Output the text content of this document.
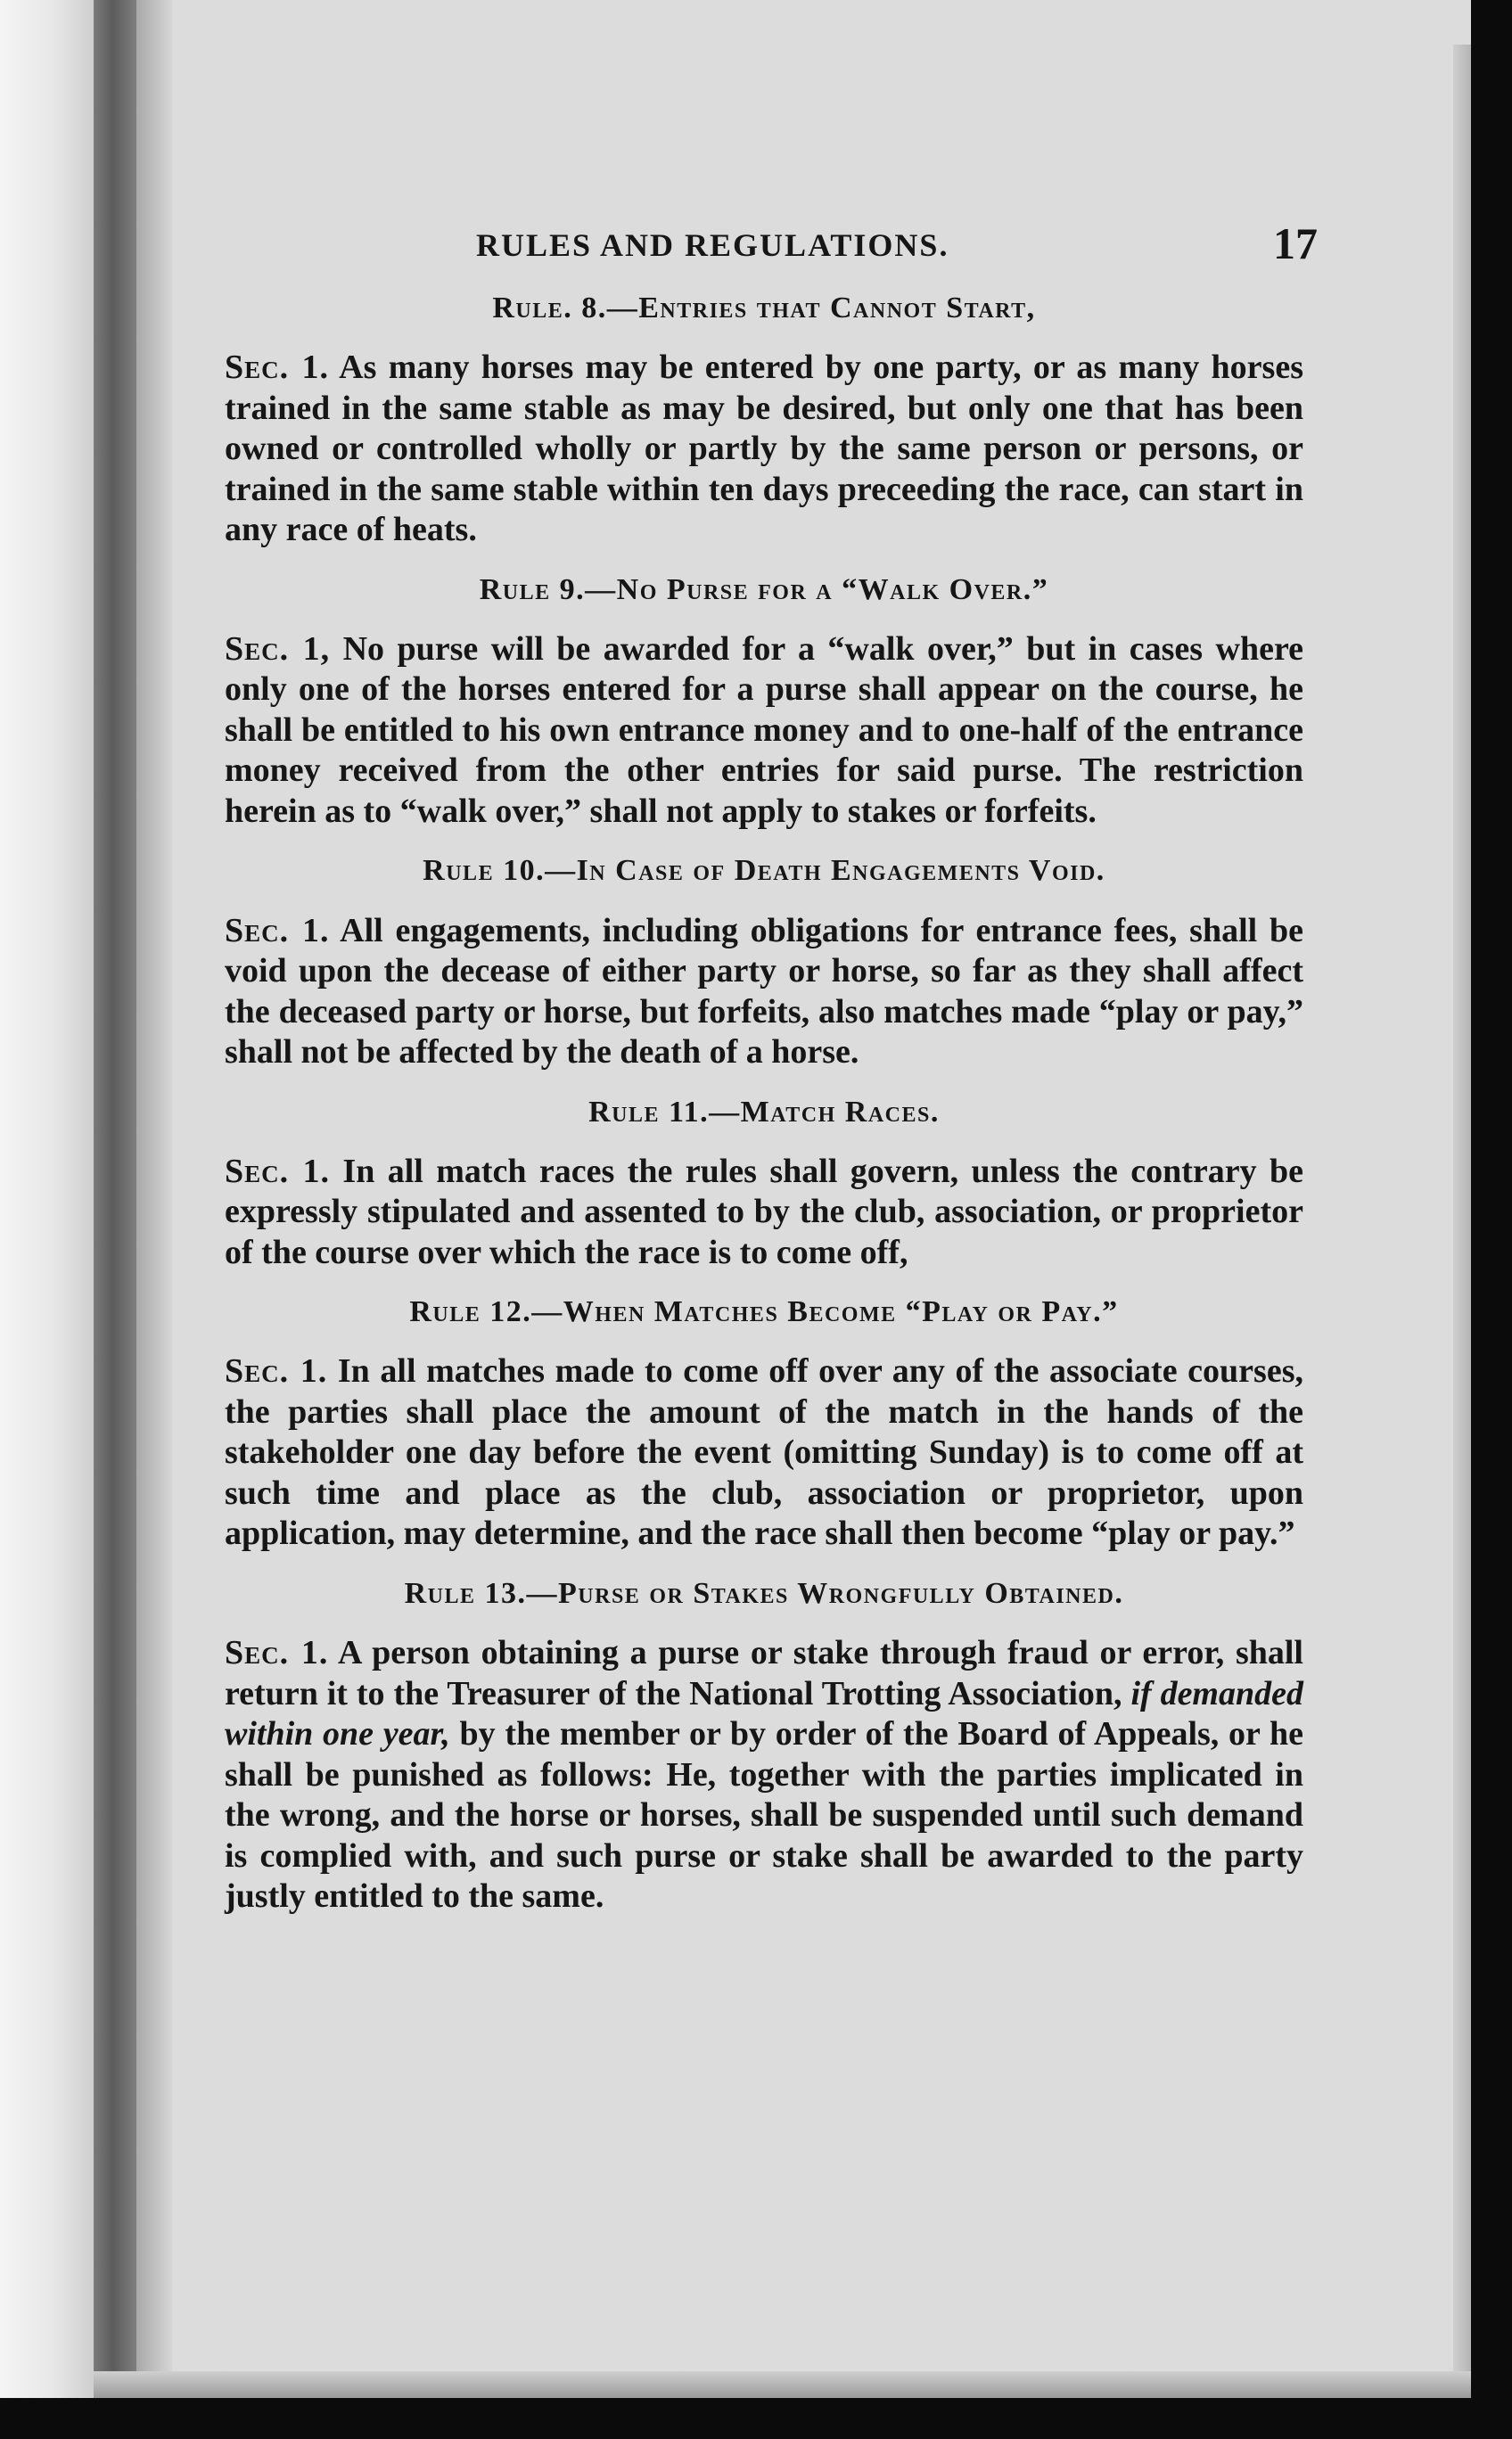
RULES AND REGULATIONS.	17
Rule. 8.—Entries that Cannot Start,
Sec. 1. As many horses may be entered by one party, or as many horses trained in the same stable as may be desired, but only one that has been owned or controlled wholly or partly by the same person or persons, or trained in the same stable within ten days preceeding the race, can start in any race of heats.
Rule 9.—No Purse for a “Walk Over.”
Sec. 1, No purse will be awarded for a “walk over,” but in cases where only one of the horses entered for a purse shall appear on the course, he shall be entitled to his own entrance money and to one-half of the entrance money received from the other entries for said purse. The restriction herein as to “walk over,” shall not apply to stakes or forfeits.
Rule 10.—In Case of Death Engagements Void.
Sec. 1. All engagements, including obligations for entrance fees, shall be void upon the decease of either party or horse, so far as they shall affect the deceased party or horse, but forfeits, also matches made “play or pay,” shall not be affected by the death of a horse.
Rule 11.—Match Races.
Sec. 1. In all match races the rules shall govern, unless the contrary be expressly stipulated and assented to by the club, association, or proprietor of the course over which the race is to come off,
Rule 12.—When Matches Become “Play or Pay.”
Sec. 1. In all matches made to come off over any of the associate courses, the parties shall place the amount of the match in the hands of the stakeholder one day before the event (omitting Sunday) is to come off at such time and place as the club, association or proprietor, upon application, may determine, and the race shall then become “play or pay.”
Rule 13.—Purse or Stakes Wrongfully Obtained.
Sec. 1. A person obtaining a purse or stake through fraud or error, shall return it to the Treasurer of the National Trotting Association, if demanded within one year, by the member or by order of the Board of Appeals, or he shall be punished as follows: He, together with the parties implicated in the wrong, and the horse or horses, shall be suspended until such demand is complied with, and such purse or stake shall be awarded to the party justly entitled to the same.
